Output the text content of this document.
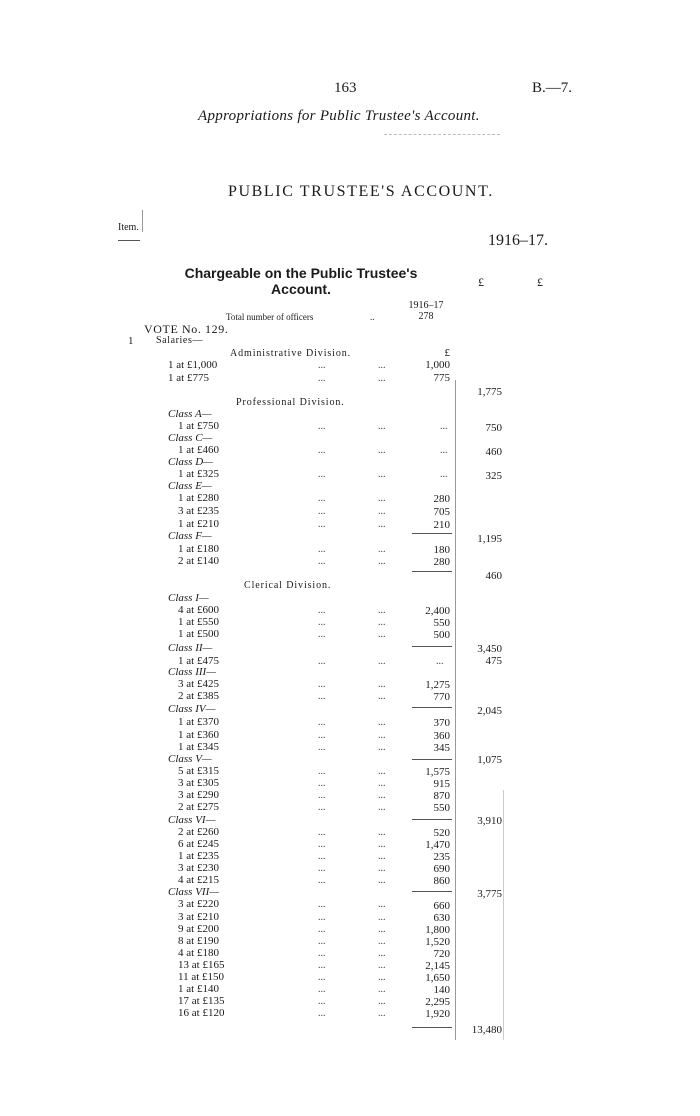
163	B.—7.
Appropriations for Public Trustee's Account.
PUBLIC TRUSTEE'S ACCOUNT.
Item.
1916–17.
Chargeable on the Public Trustee's Account.	£	£
1916–17
Total number of officers	..	278
VOTE No. 129.
1 Salaries—
Administrative Division.	£
1 at £1,000	...	...	1,000
1 at £775	...	...	775
1,775
Professional Division.
Class A—
1 at £750	...	...	...	750
Class C—
1 at £460	...	...	...	460
Class D—
1 at £325	...	...	...	325
Class E—
1 at £280	...	...	280
3 at £235	...	...	705
1 at £210	...	...	210
1,195
Class F—
1 at £180	...	...	180
2 at £140	...	...	280
460
Clerical Division.
Class I—
4 at £600	...	...	2,400
1 at £550	...	...	550
1 at £500	...	...	500
3,450
Class II—
1 at £475	...	...	...	475
Class III—
3 at £425	...	...	1,275
2 at £385	...	...	770
2,045
Class IV—
1 at £370	...	...	370
1 at £360	...	...	360
1 at £345	...	...	345
1,075
Class V—
5 at £315	...	...	1,575
3 at £305	...	...	915
3 at £290	...	...	870
2 at £275	...	...	550
3,910
Class VI—
2 at £260	...	...	520
6 at £245	...	...	1,470
1 at £235	...	...	235
3 at £230	...	...	690
4 at £215	...	...	860
3,775
Class VII—
3 at £220	...	...	660
3 at £210	...	...	630
9 at £200	...	...	1,800
8 at £190	...	...	1,520
4 at £180	...	...	720
13 at £165	...	...	2,145
11 at £150	...	...	1,650
1 at £140	...	...	140
17 at £135	...	...	2,295
16 at £120	...	...	1,920
13,480
